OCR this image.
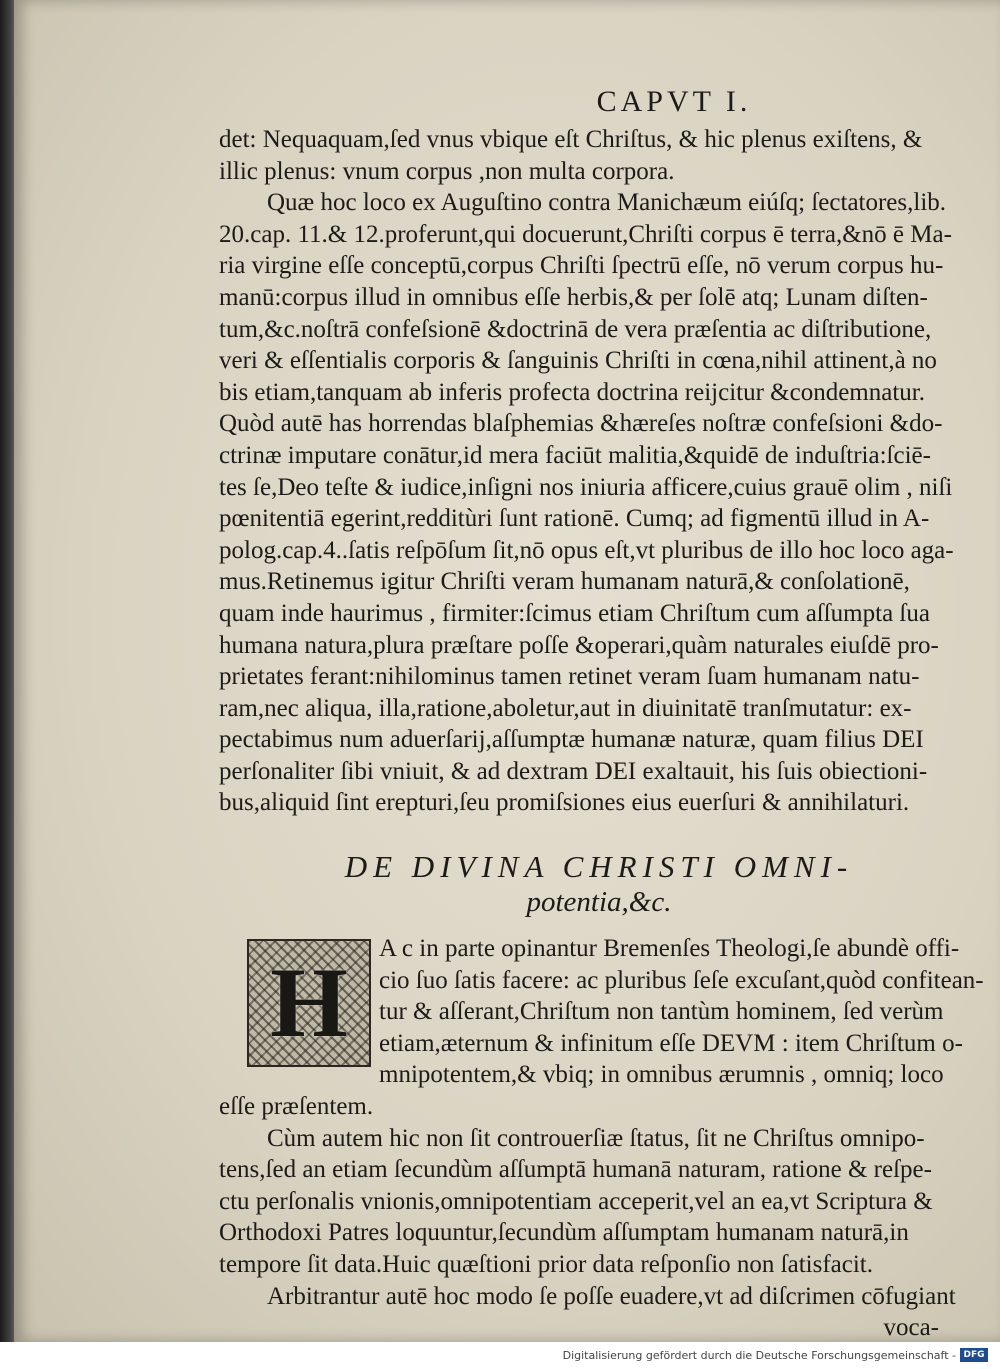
CAPVT I.

det: Nequaquam,ſed vnus vbique eſt Chriſtus, & hic plenus exiſtens, &

illic plenus: vnum corpus ,non multa corpora.

Quæ hoc loco ex Auguſtino contra Manichæum eiúſq; ſectatores,lib.

20.cap. 11.& 12.proferunt,qui docuerunt,Chriſti corpus ē terra,&nō ē Ma-

ria virgine eſſe conceptū,corpus Chriſti ſpectrū eſſe, nō verum corpus hu-

manū:corpus illud in omnibus eſſe herbis,& per ſolē atq; Lunam diſten-

tum,&c.noſtrā confeſsionē &doctrinā de vera præſentia ac diſtributione,

veri & eſſentialis corporis & ſanguinis Chriſti in cœna,nihil attinent,à no

bis etiam,tanquam ab inferis profecta doctrina reijcitur &condemnatur.

Quòd autē has horrendas blaſphemias &hæreſes noſtræ confeſsioni &do-

ctrinæ imputare conātur,id mera faciūt malitia,&quidē de induſtria:ſciē-

tes ſe,Deo teſte & iudice,inſigni nos iniuria afficere,cuius grauē olim , niſi

pœnitentiā egerint,redditùri ſunt rationē. Cumq; ad figmentū illud in A-

polog.cap.4..ſatis reſpōſum ſit,nō opus eſt,vt pluribus de illo hoc loco aga-

mus.Retinemus igitur Chriſti veram humanam naturā,& conſolationē,

quam inde haurimus , firmiter:ſcimus etiam Chriſtum cum aſſumpta ſua

humana natura,plura præſtare poſſe &operari,quàm naturales eiuſdē pro-

prietates ferant:nihilominus tamen retinet veram ſuam humanam natu-

ram,nec aliqua, illa,ratione,aboletur,aut in diuinitatē tranſmutatur: ex-

pectabimus num aduerſarij,aſſumptæ humanæ naturæ, quam filius DEI

perſonaliter ſibi vniuit, & ad dextram DEI exaltauit, his ſuis obiectioni-

bus,aliquid ſint erepturi,ſeu promiſsiones eius euerſuri & annihilaturi.

DE DIVINA CHRISTI OMNI-
potentia,&c.
H	A c in parte opinantur Bremenſes Theologi,ſe abundè offi-

cio ſuo ſatis facere: ac pluribus ſeſe excuſant,quòd confitean-

tur & aſſerant,Chriſtum non tantùm hominem, ſed verùm

etiam,æternum & infinitum eſſe DEVM : item Chriſtum o-

mnipotentem,& vbiq; in omnibus ærumnis , omniq; loco

eſſe præſentem.

Cùm autem hic non ſit controuerſiæ ſtatus, ſit ne Chriſtus omnipo-

tens,ſed an etiam ſecundùm aſſumptā humanā naturam, ratione & reſpe-

ctu perſonalis vnionis,omnipotentiam acceperit,vel an ea,vt Scriptura &

Orthodoxi Patres loquuntur,ſecundùm aſſumptam humanam naturā,in

tempore ſit data.Huic quæſtioni prior data reſponſio non ſatisfacit.

Arbitrantur autē hoc modo ſe poſſe euadere,vt ad diſcrimen cōfugiant

voca-

Digitalisierung gefördert durch die Deutsche Forschungsgemeinschaft - DFG
